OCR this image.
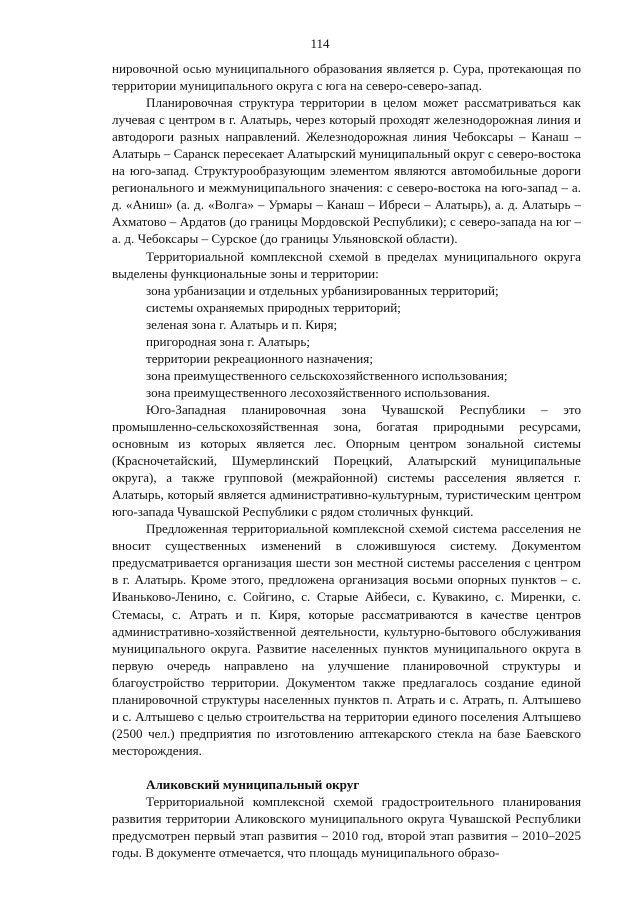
114

нировочной осью муниципального образования является р. Сура, протекающая по территории муниципального округа с юга на северо-северо-запад.

Планировочная структура территории в целом может рассматриваться как лучевая с центром в г. Алатырь, через который проходят железнодорожная линия и автодороги разных направлений. Железнодорожная линия Чебоксары – Канаш – Алатырь – Саранск пересекает Алатырский муниципальный округ с северо-востока на юго-запад. Структурообразующим элементом являются автомобильные дороги регионального и межмуниципального значения: с северо-востока на юго-запад – а. д. «Аниш» (а. д. «Волга» – Урмары – Канаш – Ибреси – Алатырь), а. д. Алатырь – Ахматово – Ардатов (до границы Мордовской Республики); с северо-запада на юг – а. д. Чебоксары – Сурское (до границы Ульяновской области).

Территориальной комплексной схемой в пределах муниципального округа выделены функциональные зоны и территории:

зона урбанизации и отдельных урбанизированных территорий;
системы охраняемых природных территорий;
зеленая зона г. Алатырь и п. Киря;
пригородная зона г. Алатырь;
территории рекреационного назначения;
зона преимущественного сельскохозяйственного использования;
зона преимущественного лесохозяйственного использования.

Юго-Западная планировочная зона Чувашской Республики – это промышленно-сельскохозяйственная зона, богатая природными ресурсами, основным из которых является лес. Опорным центром зональной системы (Красночетайский, Шумерлинский Порецкий, Алатырский муниципальные округа), а также групповой (межрайонной) системы расселения является г. Алатырь, который является административно-культурным, туристическим центром юго-запада Чувашской Республики с рядом столичных функций.

Предложенная территориальной комплексной схемой система расселения не вносит существенных изменений в сложившуюся систему. Документом предусматривается организация шести зон местной системы расселения с центром в г. Алатырь. Кроме этого, предложена организация восьми опорных пунктов – с. Иваньково-Ленино, с. Сойгино, с. Старые Айбеси, с. Кувакино, с. Миренки, с. Стемасы, с. Атрать и п. Киря, которые рассматриваются в качестве центров административно-хозяйственной деятельности, культурно-бытового обслуживания муниципального округа. Развитие населенных пунктов муниципального округа в первую очередь направлено на улучшение планировочной структуры и благоустройство территории. Документом также предлагалось создание единой планировочной структуры населенных пунктов п. Атрать и с. Атрать, п. Алтышево и с. Алтышево с целью строительства на территории единого поселения Алтышево (2500 чел.) предприятия по изготовлению аптекарского стекла на базе Баевского месторождения.

Аликовский муниципальный округ

Территориальной комплексной схемой градостроительного планирования развития территории Аликовского муниципального округа Чувашской Республики предусмотрен первый этап развития – 2010 год, второй этап развития – 2010–2025 годы. В документе отмечается, что площадь муниципального образо-
